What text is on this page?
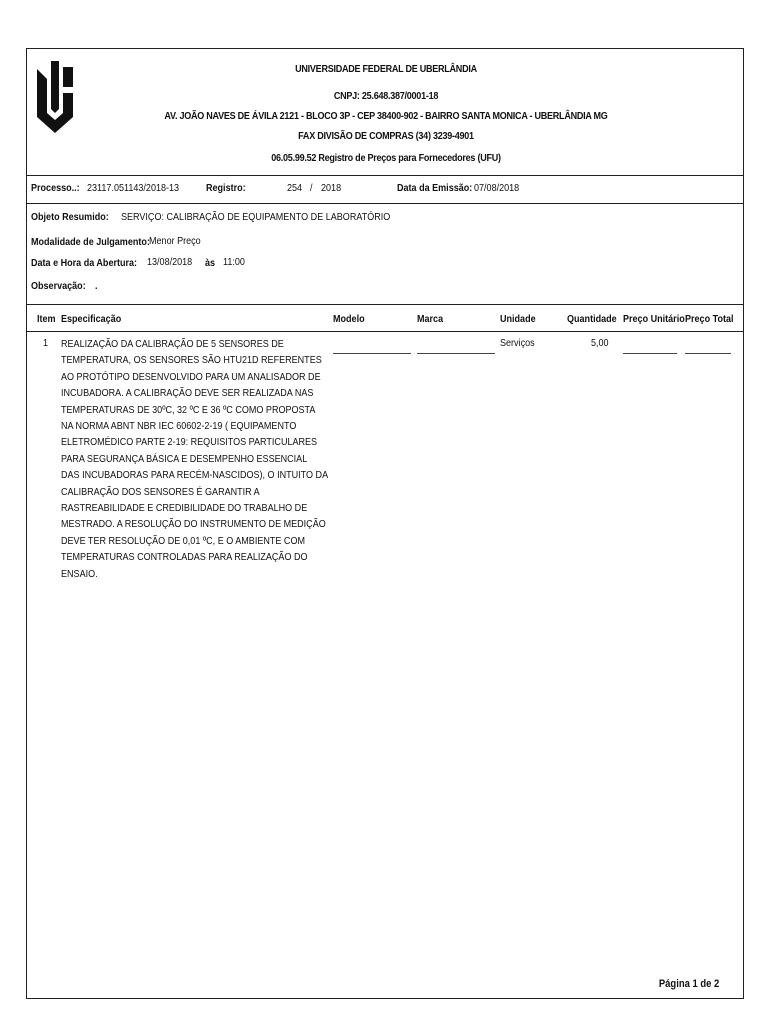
UNIVERSIDADE FEDERAL DE UBERLÂNDIA
CNPJ: 25.648.387/0001-18
AV. JOÃO NAVES DE ÁVILA 2121 - BLOCO 3P - CEP 38400-902 - BAIRRO SANTA MONICA - UBERLÂNDIA MG
FAX DIVISÃO DE COMPRAS (34) 3239-4901
06.05.99.52 Registro de Preços para Fornecedores (UFU)
Processo..: 23117.051143/2018-13	Registro:	254 / 2018	Data da Emissão: 07/08/2018
Objeto Resumido: SERVIÇO: CALIBRAÇÃO DE EQUIPAMENTO DE LABORATÓRIO
Modalidade de Julgamento: Menor Preço
Data e Hora da Abertura: 13/08/2018 às 11:00
Observação: .
Item Especificação	Modelo	Marca	Unidade	Quantidade Preço Unitário Preço Total
1 REALIZAÇÃO DA CALIBRAÇÃO DE 5 SENSORES DE
TEMPERATURA, OS SENSORES SÃO HTU21D REFERENTES
AO PROTÓTIPO DESENVOLVIDO PARA UM ANALISADOR DE
INCUBADORA. A CALIBRAÇÃO DEVE SER REALIZADA NAS
TEMPERATURAS DE 30ºC, 32 ºC E 36 ºC COMO PROPOSTA
NA NORMA ABNT NBR IEC 60602-2-19 ( EQUIPAMENTO
ELETROMÉDICO PARTE 2-19: REQUISITOS PARTICULARES
PARA SEGURANÇA BÁSICA E DESEMPENHO ESSENCIAL
DAS INCUBADORAS PARA RECÉM-NASCIDOS), O INTUITO DA
CALIBRAÇÃO DOS SENSORES É GARANTIR A
RASTREABILIDADE E CREDIBILIDADE DO TRABALHO DE
MESTRADO. A RESOLUÇÃO DO INSTRUMENTO DE MEDIÇÃO
DEVE TER RESOLUÇÃO DE 0,01 ºC, E O AMBIENTE COM
TEMPERATURAS CONTROLADAS PARA REALIZAÇÃO DO
ENSAIO.
Serviços	5,00
Página 1 de 2
